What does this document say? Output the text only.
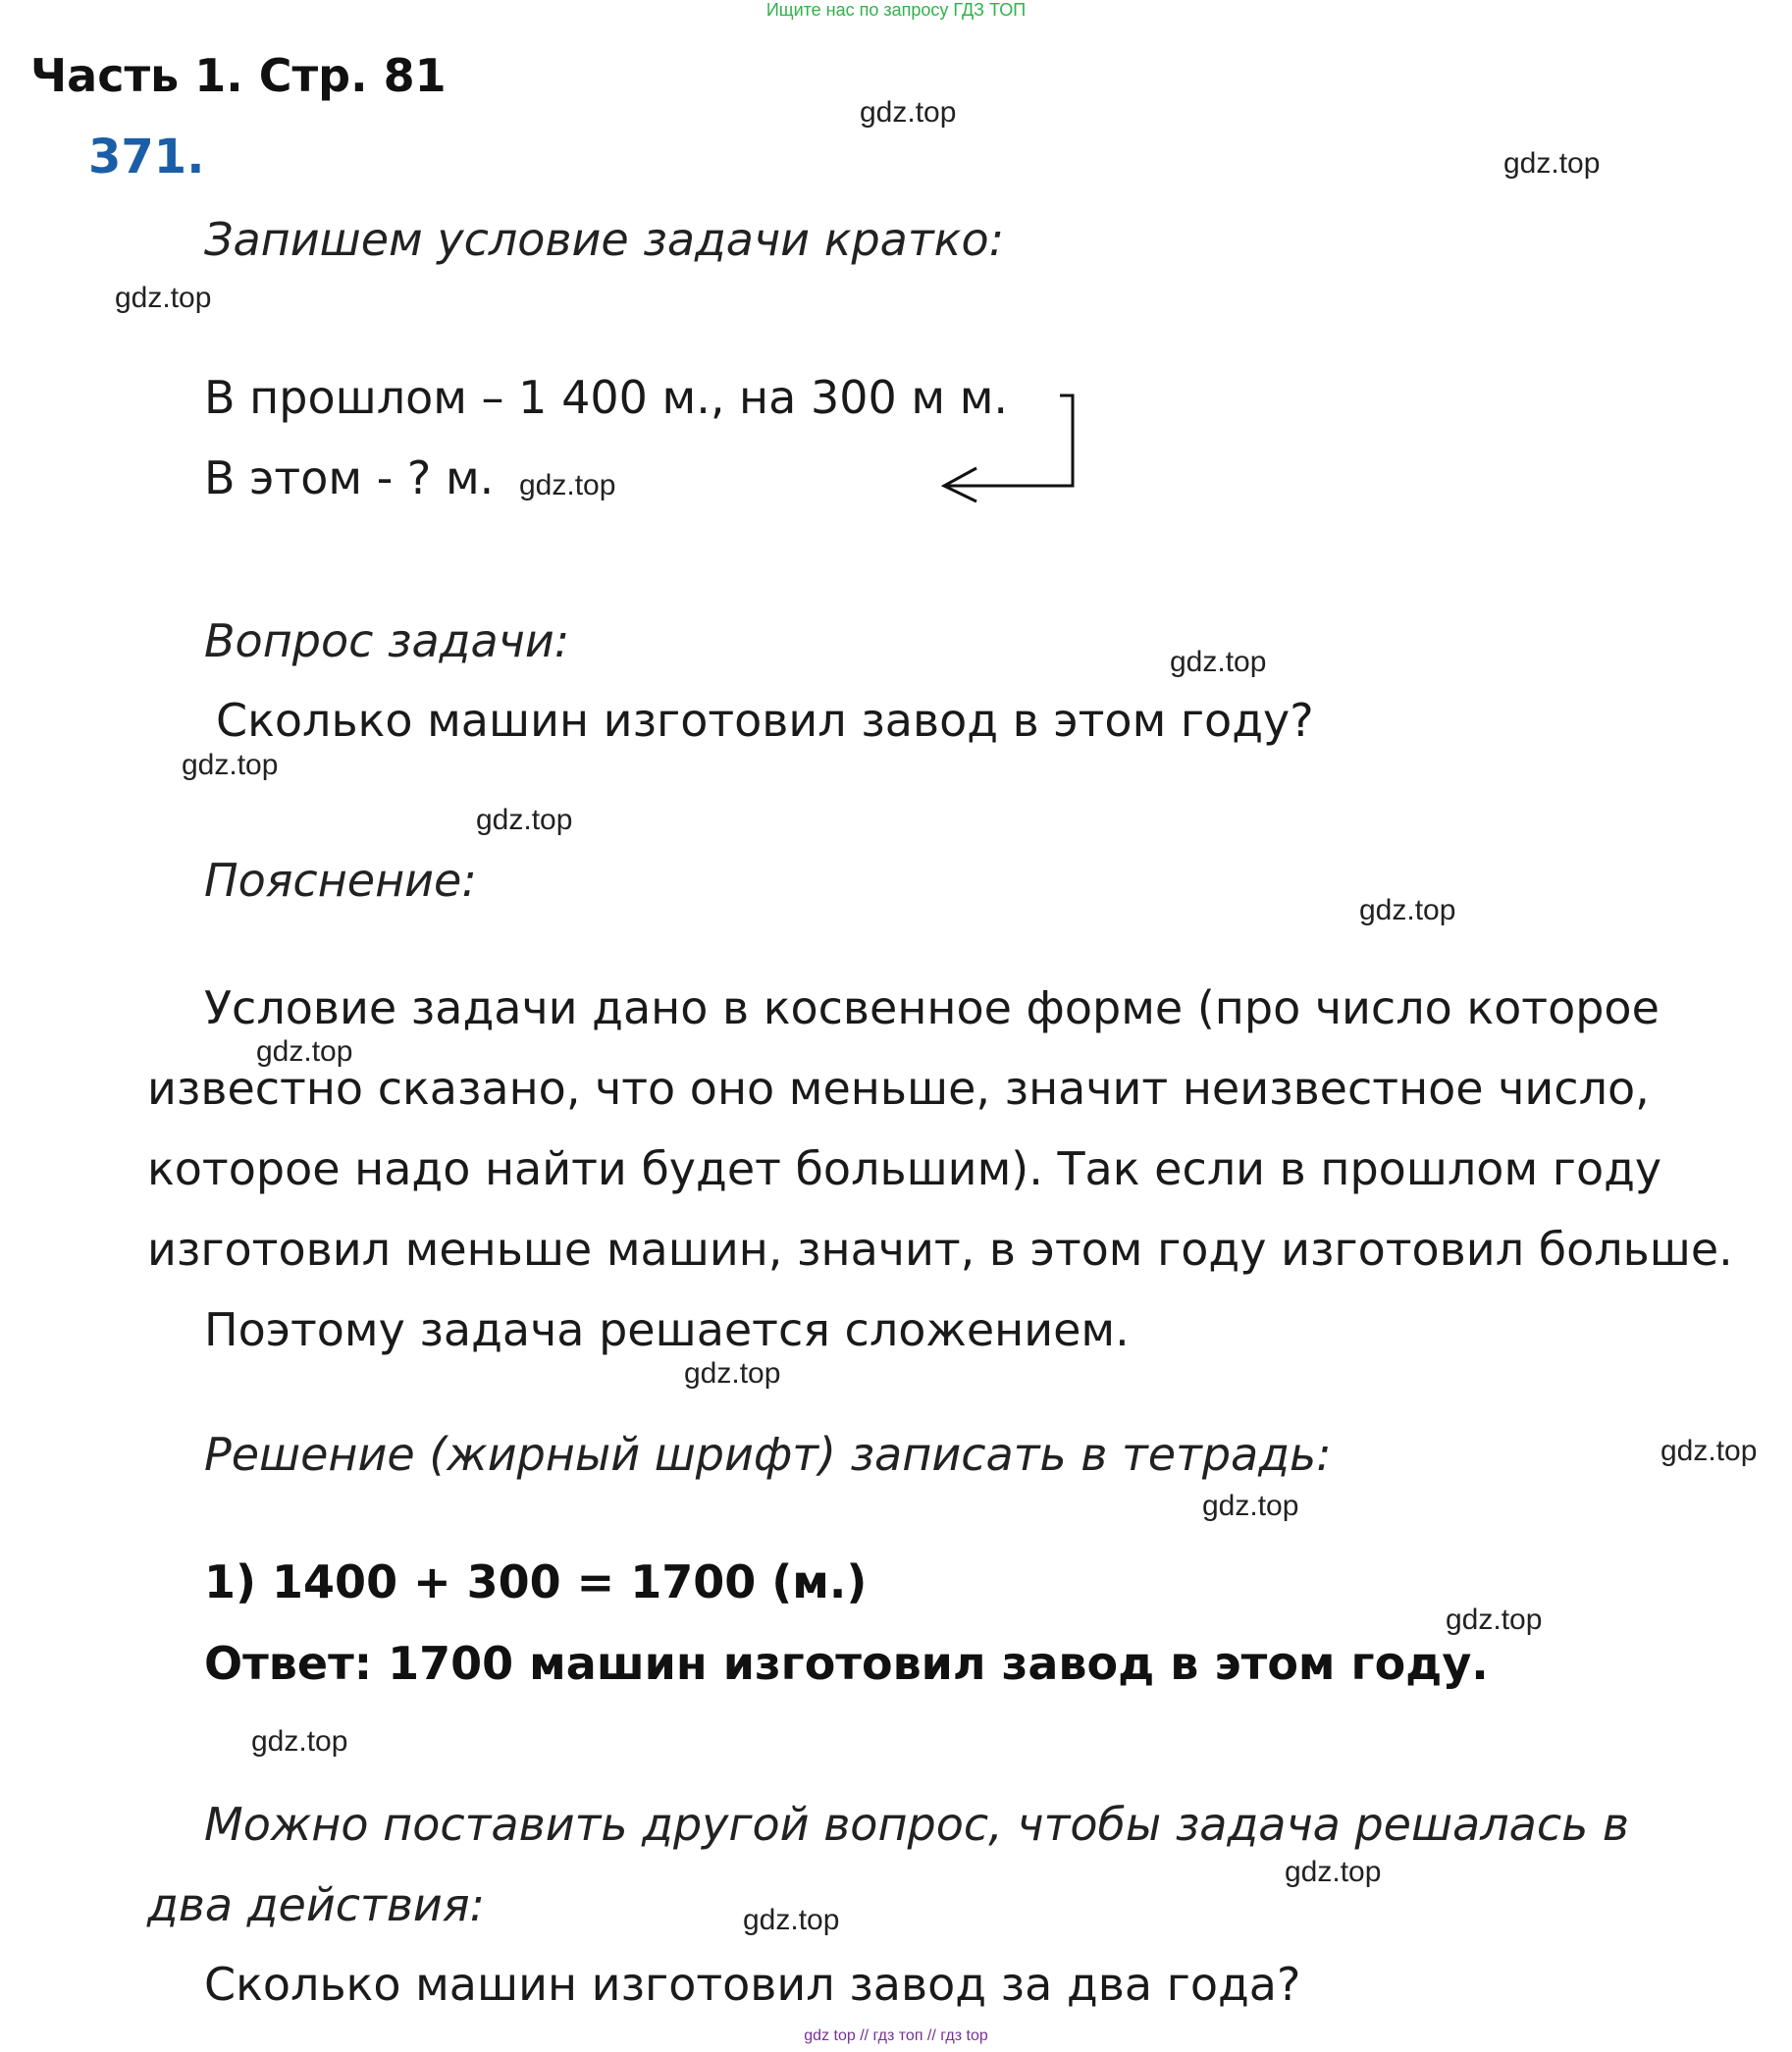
Ищите нас по запросу ГДЗ ТОП
Часть 1. Стр. 81
371.
Запишем условие задачи кратко:
В прошлом – 1 400 м., на 300 м м.
В этом - ? м.
Вопрос задачи:
Сколько машин изготовил завод в этом году?
Пояснение:
Условие задачи дано в косвенное форме (про число которое
известно сказано, что оно меньше, значит неизвестное число,
которое надо найти будет большим). Так если в прошлом году
изготовил меньше машин, значит, в этом году изготовил больше.
Поэтому задача решается сложением.
Решение (жирный шрифт) записать в тетрадь:
1) 1400 + 300 = 1700 (м.)
Ответ: 1700 машин изготовил завод в этом году.
Можно поставить другой вопрос, чтобы задача решалась в
два действия:
Сколько машин изготовил завод за два года?
gdz.top
gdz.top
gdz.top
gdz.top
gdz.top
gdz.top
gdz.top
gdz.top
gdz.top
gdz.top
gdz.top
gdz.top
gdz.top
gdz.top
gdz.top
gdz.top
gdz top // гдз топ // гдз top
